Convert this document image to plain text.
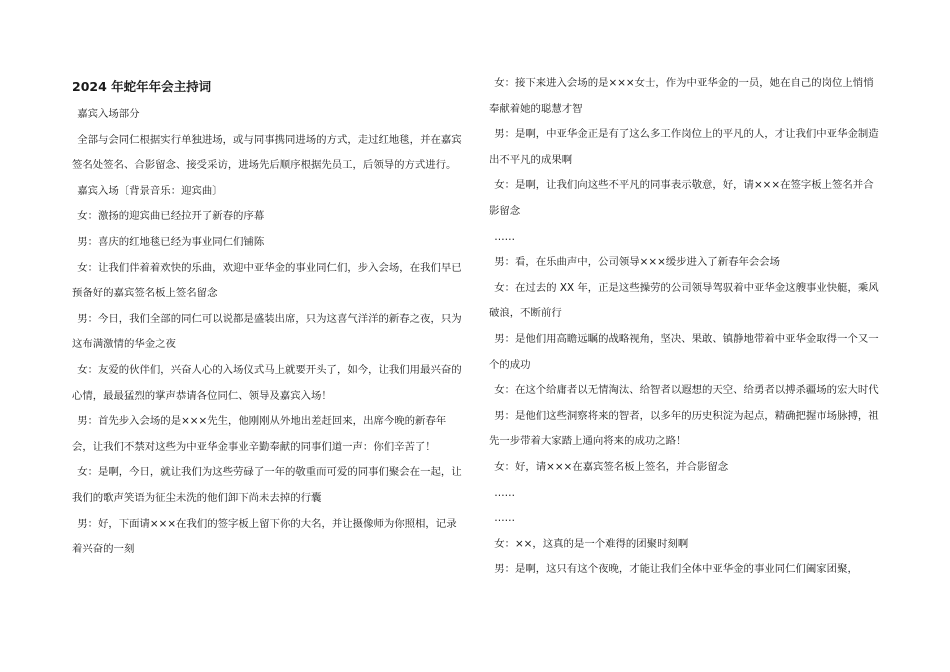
2024 年蛇年年会主持词

嘉宾入场部分

全部与会同仁根据实行单独进场，或与同事携同进场的方式，走过红地毯，并在嘉宾签名处签名、合影留念、接受采访，进场先后顺序根据先员工，后领导的方式进行。

嘉宾入场〔背景音乐：迎宾曲〕

女：激扬的迎宾曲已经拉开了新春的序幕

男：喜庆的红地毯已经为事业同仁们铺陈

女：让我们伴着着欢快的乐曲，欢迎中亚华金的事业同仁们，步入会场，在我们早已预备好的嘉宾签名板上签名留念

男：今日，我们全部的同仁可以说都是盛装出席，只为这喜气洋洋的新春之夜，只为这布满激情的华金之夜

女：友爱的伙伴们，兴奋人心的入场仪式马上就要开头了，如今，让我们用最兴奋的心情，最最猛烈的掌声恭请各位同仁、领导及嘉宾入场！

男：首先步入会场的是×××先生，他刚刚从外地出差赶回来，出席今晚的新春年会，让我们不禁对这些为中亚华金事业辛勤奉献的同事们道一声：你们辛苦了！

女：是啊，今日，就让我们为这些劳碌了一年的敬重而可爱的同事们聚会在一起，让我们的歌声笑语为征尘未洗的他们卸下尚未去掉的行囊

男：好，下面请×××在我们的签字板上留下你的大名，并让摄像师为你照相，记录着兴奋的一刻

女：接下来进入会场的是×××女士，作为中亚华金的一员，她在自己的岗位上悄悄奉献着她的聪慧才智

男：是啊，中亚华金正是有了这么多工作岗位上的平凡的人，才让我们中亚华金制造出不平凡的成果啊

女：是啊，让我们向这些不平凡的同事表示敬意，好，请×××在签字板上签名并合影留念

……

男：看，在乐曲声中，公司领导×××缓步进入了新春年会会场

女：在过去的 XX 年，正是这些操劳的公司领导驾驭着中亚华金这艘事业快艇，乘风破浪，不断前行

男：是他们用高瞻远瞩的战略视角，坚决、果敢、镇静地带着中亚华金取得一个又一个的成功

女：在这个给庸者以无情淘汰、给智者以遐想的天空、给勇者以搏杀疆场的宏大时代

男：是他们这些洞察将来的智者，以多年的历史积淀为起点，精确把握市场脉搏，祖先一步带着大家踏上通向将来的成功之路！

女：好，请×××在嘉宾签名板上签名，并合影留念

……

……

女：××，这真的是一个难得的团聚时刻啊

男：是啊，这只有这个夜晚，才能让我们全体中亚华金的事业同仁们阖家团聚，
